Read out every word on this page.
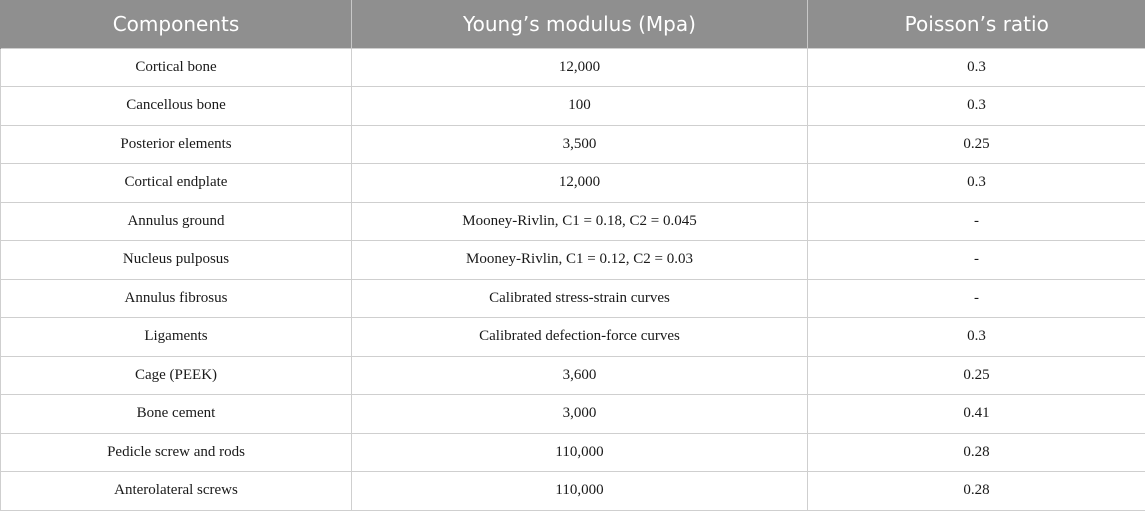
Components	Young’s modulus (Mpa)	Poisson’s ratio
Cortical bone	12,000	0.3
Cancellous bone	100	0.3
Posterior elements	3,500	0.25
Cortical endplate	12,000	0.3
Annulus ground	Mooney-Rivlin, C1 = 0.18, C2 = 0.045	-
Nucleus pulposus	Mooney-Rivlin, C1 = 0.12, C2 = 0.03	-
Annulus fibrosus	Calibrated stress-strain curves	-
Ligaments	Calibrated defection-force curves	0.3
Cage (PEEK)	3,600	0.25
Bone cement	3,000	0.41
Pedicle screw and rods	110,000	0.28
Anterolateral screws	110,000	0.28
